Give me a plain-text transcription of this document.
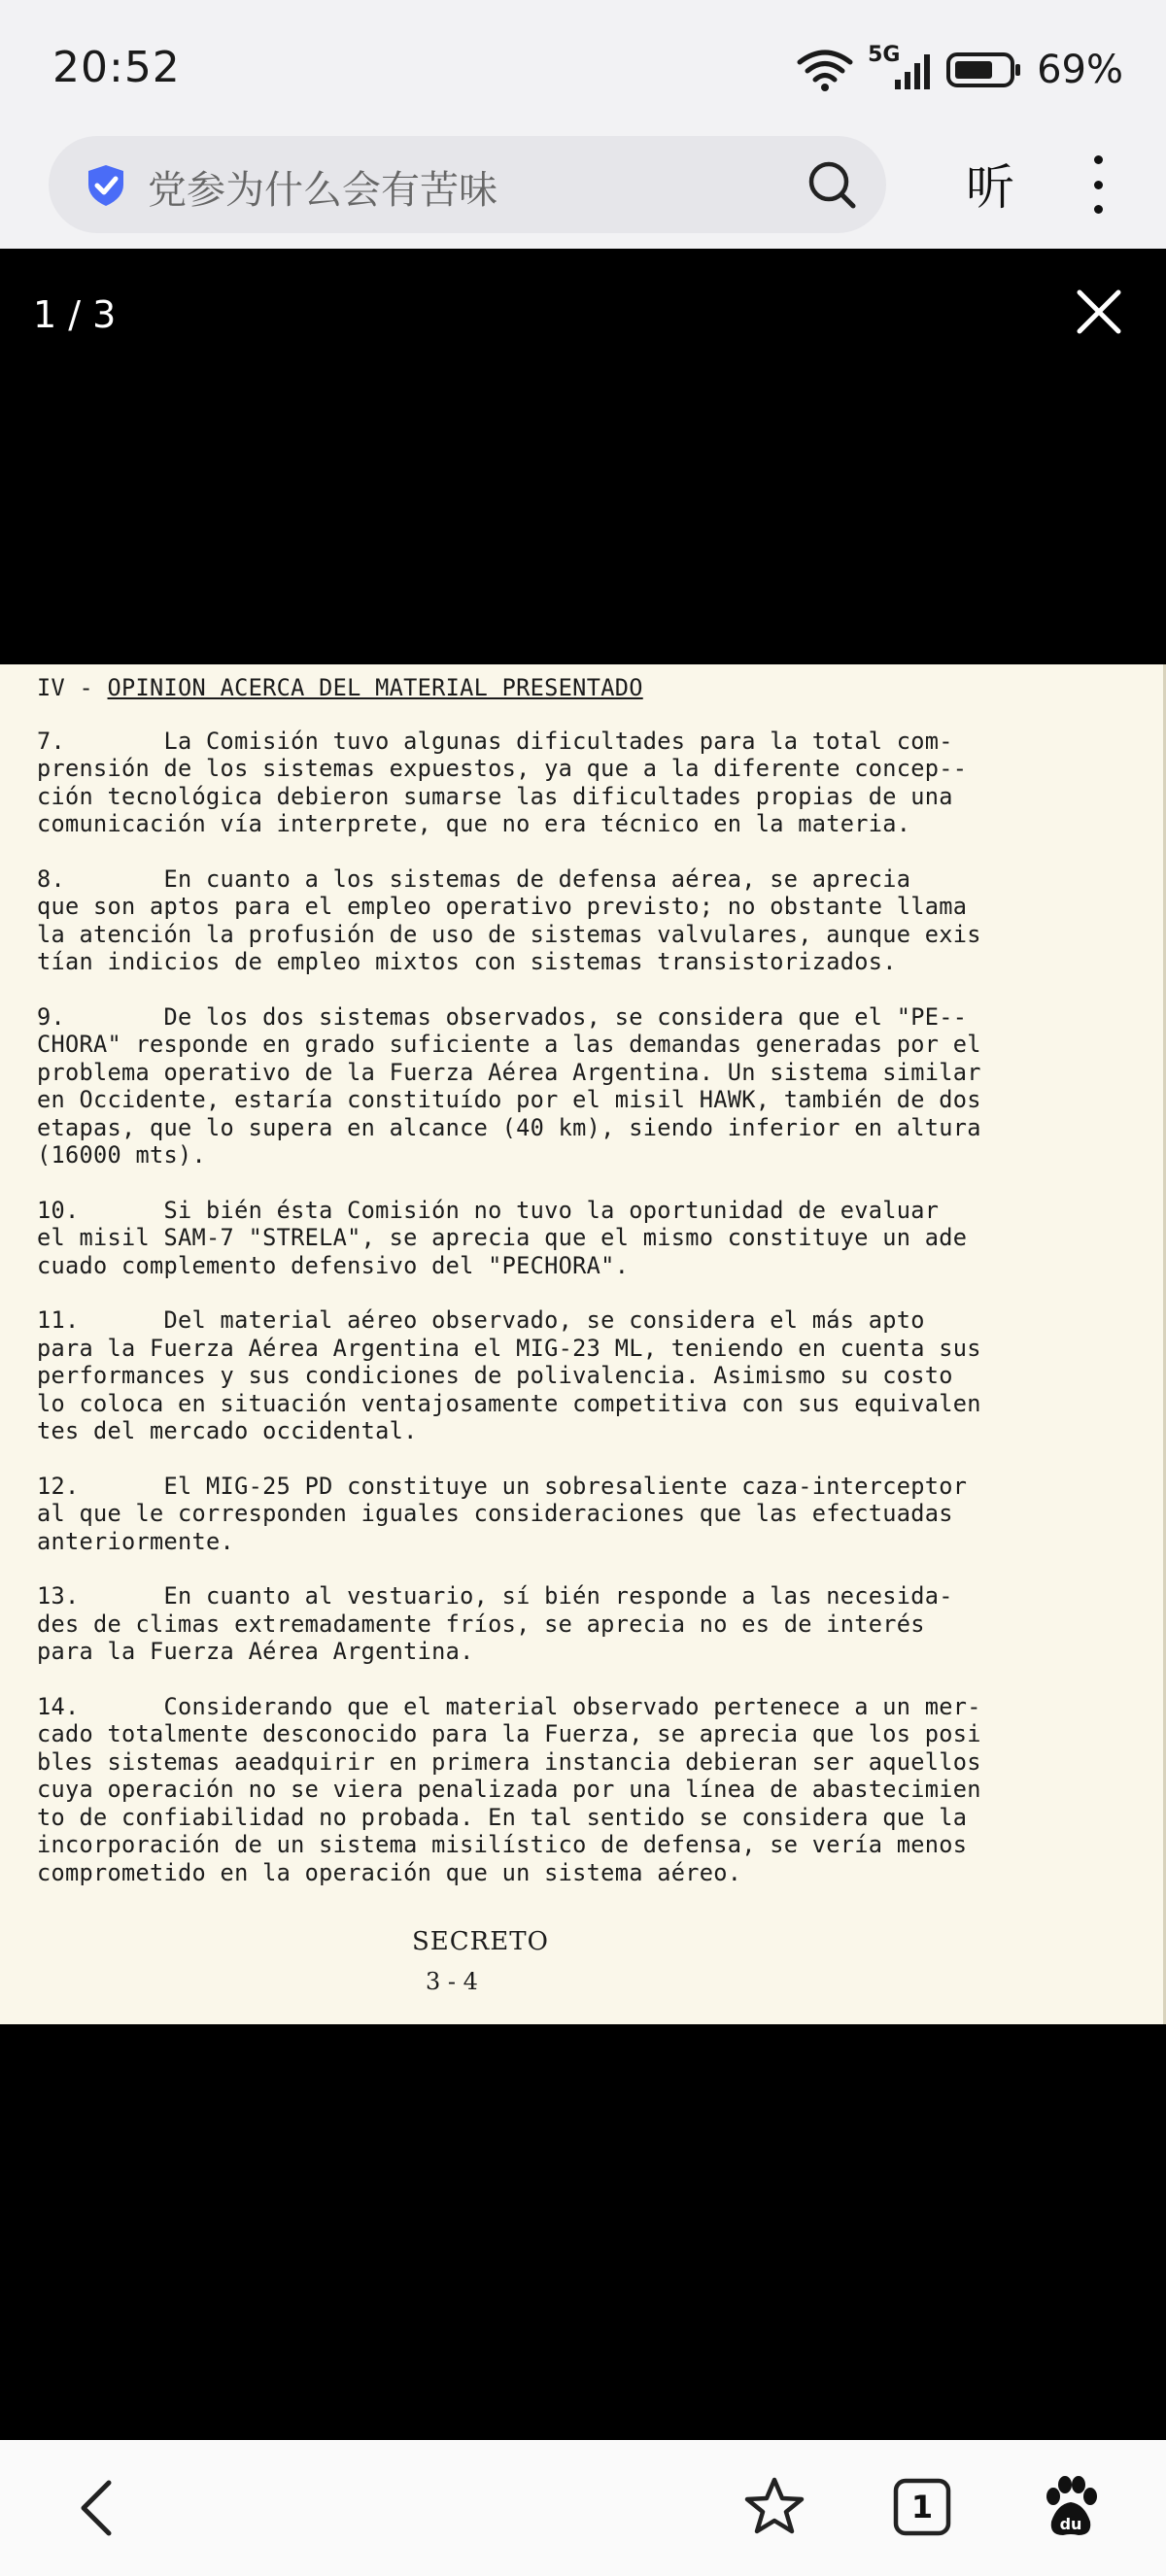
20:52	5G	69%
党参为什么会有苦味	听
1 / 3
IV - OPINION ACERCA DEL MATERIAL PRESENTADO
7.       La Comisión tuvo algunas dificultades para la total com-
prensión de los sistemas expuestos, ya que a la diferente concep--
ción tecnológica debieron sumarse las dificultades propias de una
comunicación vía interprete, que no era técnico en la materia.
8.       En cuanto a los sistemas de defensa aérea, se aprecia
que son aptos para el empleo operativo previsto; no obstante llama
la atención la profusión de uso de sistemas valvulares, aunque exis
tían indicios de empleo mixtos con sistemas transistorizados.
9.       De los dos sistemas observados, se considera que el "PE--
CHORA" responde en grado suficiente a las demandas generadas por el
problema operativo de la Fuerza Aérea Argentina. Un sistema similar
en Occidente, estaría constituído por el misil HAWK, también de dos
etapas, que lo supera en alcance (40 km), siendo inferior en altura
(16000 mts).
10.      Si bién ésta Comisión no tuvo la oportunidad de evaluar
el misil SAM-7 "STRELA", se aprecia que el mismo constituye un ade
cuado complemento defensivo del "PECHORA".
11.      Del material aéreo observado, se considera el más apto
para la Fuerza Aérea Argentina el MIG-23 ML, teniendo en cuenta sus
performances y sus condiciones de polivalencia. Asimismo su costo
lo coloca en situación ventajosamente competitiva con sus equivalen
tes del mercado occidental.
12.      El MIG-25 PD constituye un sobresaliente caza-interceptor
al que le corresponden iguales consideraciones que las efectuadas
anteriormente.
13.      En cuanto al vestuario, sí bién responde a las necesida-
des de climas extremadamente fríos, se aprecia no es de interés
para la Fuerza Aérea Argentina.
14.      Considerando que el material observado pertenece a un mer-
cado totalmente desconocido para la Fuerza, se aprecia que los posi
bles sistemas aeadquirir en primera instancia debieran ser aquellos
cuya operación no se viera penalizada por una línea de abastecimien
to de confiabilidad no probada. En tal sentido se considera que la
incorporación de un sistema misilístico de defensa, se vería menos
comprometido en la operación que un sistema aéreo.
SECRETO
3 - 4
1	du
